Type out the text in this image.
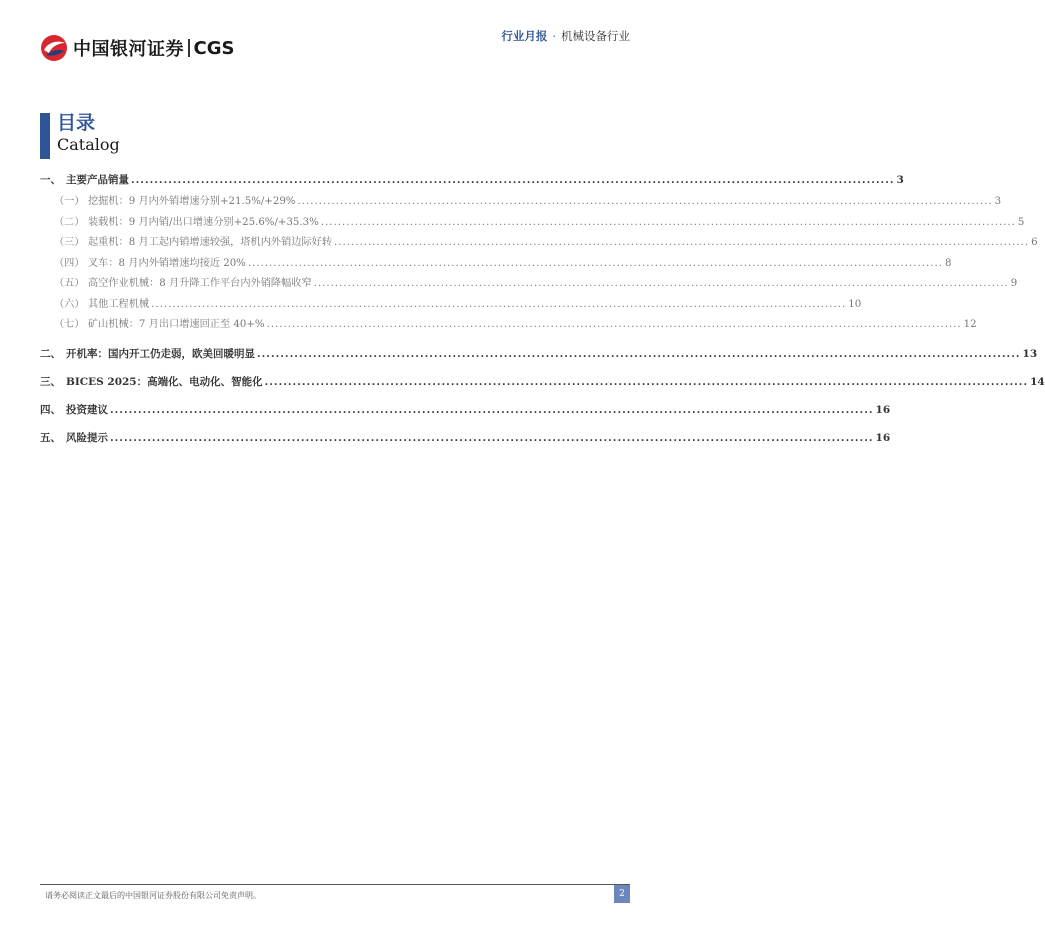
中国银河证券 CGS
行业月报 · 机械设备行业
目录
Catalog
一、 主要产品销量 .................................................................................................................................................................... 3
（一） 挖掘机：9 月内外销增速分别+21.5%/+29% .................................................................................................................................................................... 3
（二） 装载机：9 月内销/出口增速分别+25.6%/+35.3% .................................................................................................................................................................... 5
（三） 起重机：8 月工起内销增速较强，塔机内外销边际好转 .................................................................................................................................................................... 6
（四） 叉车：8 月内外销增速均接近 20% .................................................................................................................................................................... 8
（五） 高空作业机械：8 月升降工作平台内外销降幅收窄 .................................................................................................................................................................... 9
（六） 其他工程机械 .................................................................................................................................................................... 10
（七） 矿山机械：7 月出口增速回正至 40+% .................................................................................................................................................................... 12
二、 开机率：国内开工仍走弱，欧美回暖明显 .................................................................................................................................................................... 13
三、 BICES 2025：高端化、电动化、智能化 .................................................................................................................................................................... 14
四、 投资建议 .................................................................................................................................................................... 16
五、 风险提示 .................................................................................................................................................................... 16
请务必阅读正文最后的中国银河证券股份有限公司免责声明。	2
